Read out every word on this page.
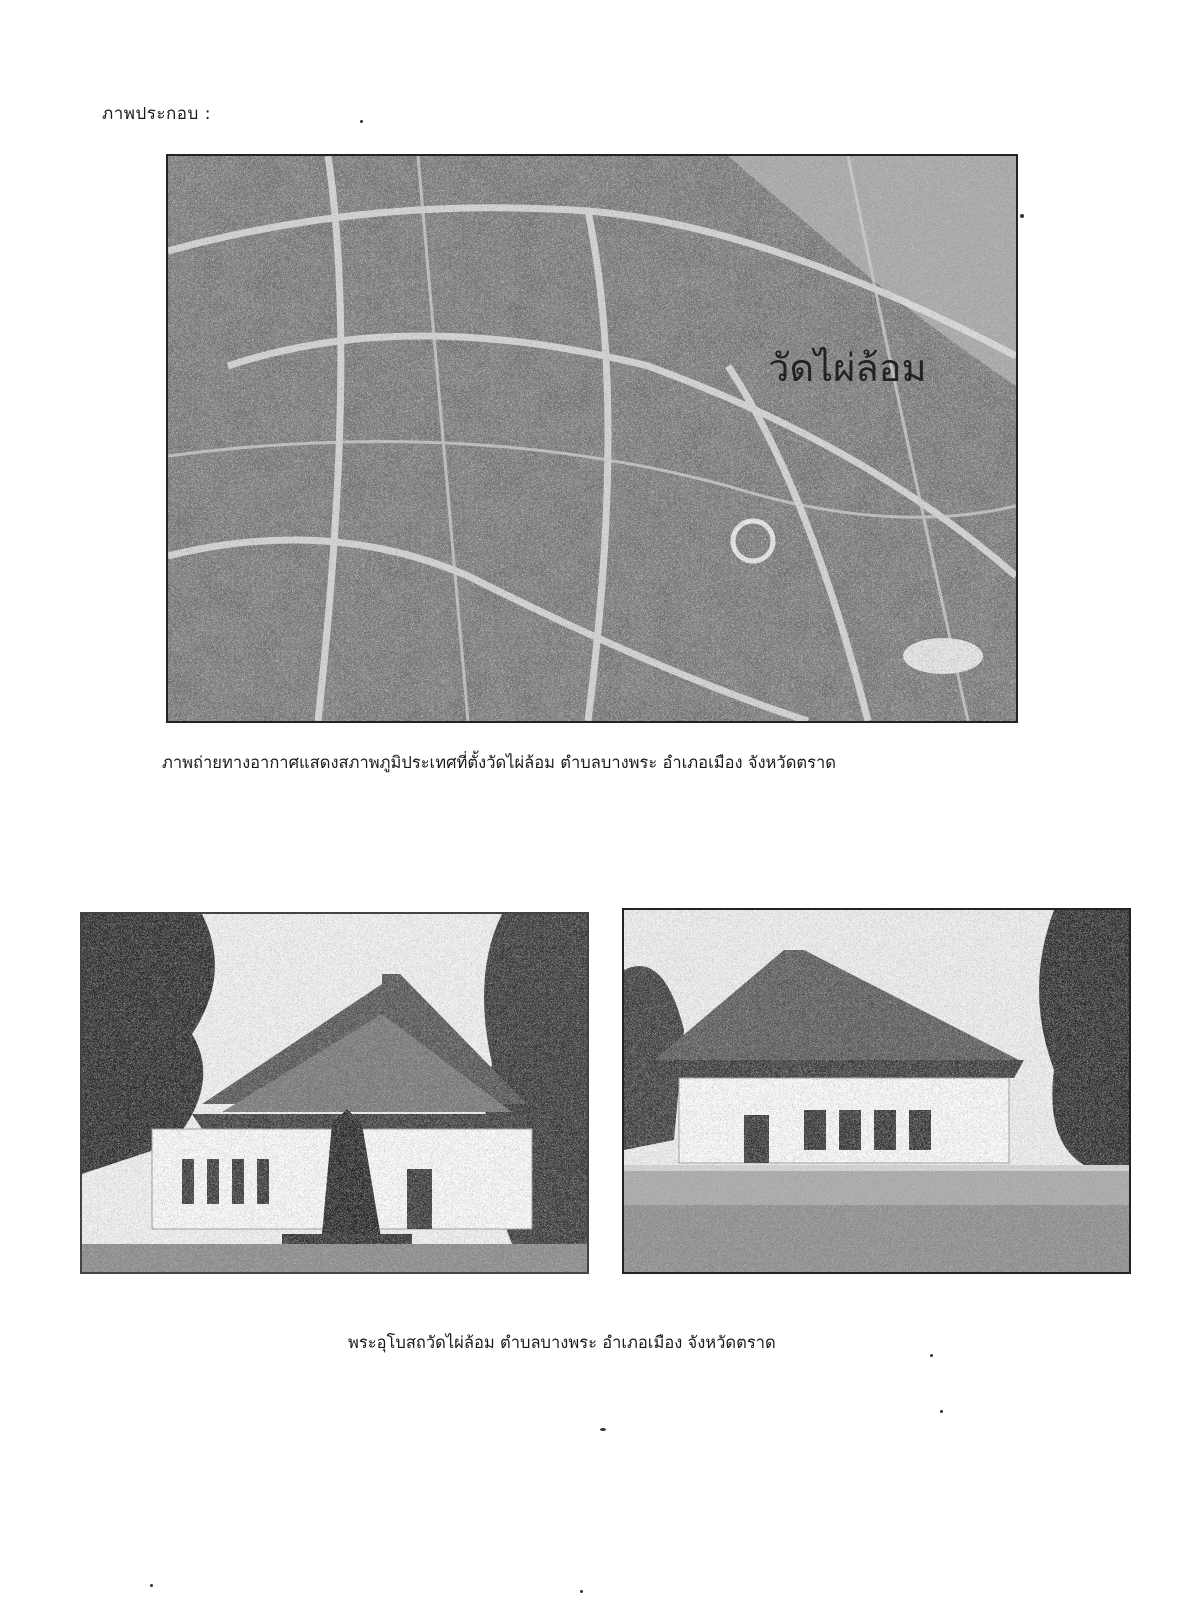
ภาพประกอบ :
วัดไผ่ล้อม
ภาพถ่ายทางอากาศแสดงสภาพภูมิประเทศที่ตั้งวัดไผ่ล้อม ตำบลบางพระ อำเภอเมือง จังหวัดตราด
พระอุโบสถวัดไผ่ล้อม ตำบลบางพระ อำเภอเมือง จังหวัดตราด
